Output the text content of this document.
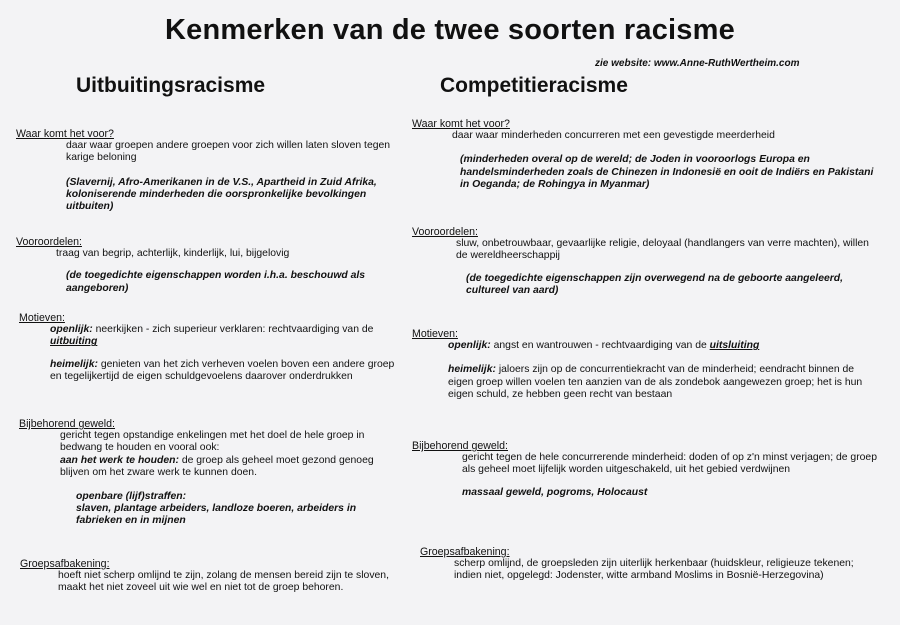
Kenmerken van de twee soorten racisme
zie website: www.Anne-RuthWertheim.com
Uitbuitingsracisme	Competitieracisme
Waar komt het voor?

daar waar groepen andere groepen voor zich willen laten sloven tegen karige beloning

(Slavernij, Afro-Amerikanen in de V.S., Apartheid in Zuid Afrika, koloniserende minderheden die oorspronkelijke bevolkingen uitbuiten)

Vooroordelen:

traag van begrip, achterlijk, kinderlijk, lui, bijgelovig

(de toegedichte eigenschappen worden i.h.a. beschouwd als aangeboren)

Motieven:

openlijk: neerkijken - zich superieur verklaren: rechtvaardiging van de uitbuiting

heimelijk: genieten van het zich verheven voelen boven een andere groep en tegelijkertijd de eigen schuldgevoelens daarover onderdrukken

Bijbehorend geweld:

gericht tegen opstandige enkelingen met het doel de hele groep in bedwang te houden en vooral ook:

aan het werk te houden: de groep als geheel moet gezond genoeg blijven om het zware werk te kunnen doen.

openbare (lijf)straffen:

slaven, plantage arbeiders, landloze boeren, arbeiders in fabrieken en in mijnen

Groepsafbakening:

hoeft niet scherp omlijnd te zijn, zolang de mensen bereid zijn te sloven, maakt het niet zoveel uit wie wel en niet tot de groep behoren.

Waar komt het voor?

daar waar minderheden concurreren met een gevestigde meerderheid

(minderheden overal op de wereld; de Joden in vooroorlogs Europa en handelsminderheden zoals de Chinezen in Indonesië en ooit de Indiërs en Pakistani in Oeganda; de Rohingya in Myanmar)

Vooroordelen:

sluw, onbetrouwbaar, gevaarlijke religie, deloyaal (handlangers van verre machten), willen de wereldheerschappij

(de toegedichte eigenschappen zijn overwegend na de geboorte aangeleerd, cultureel van aard)

Motieven:

openlijk: angst en wantrouwen - rechtvaardiging van de uitsluiting

heimelijk: jaloers zijn op de concurrentiekracht van de minderheid; eendracht binnen de eigen groep willen voelen ten aanzien van de als zondebok aangewezen groep; het is hun eigen schuld, ze hebben geen recht van bestaan

Bijbehorend geweld:

gericht tegen de hele concurrerende minderheid: doden of op z'n minst verjagen; de groep als geheel moet lijfelijk worden uitgeschakeld, uit het gebied verdwijnen

massaal geweld, pogroms, Holocaust

Groepsafbakening:

scherp omlijnd, de groepsleden zijn uiterlijk herkenbaar (huidskleur, religieuze tekenen; indien niet, opgelegd: Jodenster, witte armband Moslims in Bosnië-Herzegovina)
